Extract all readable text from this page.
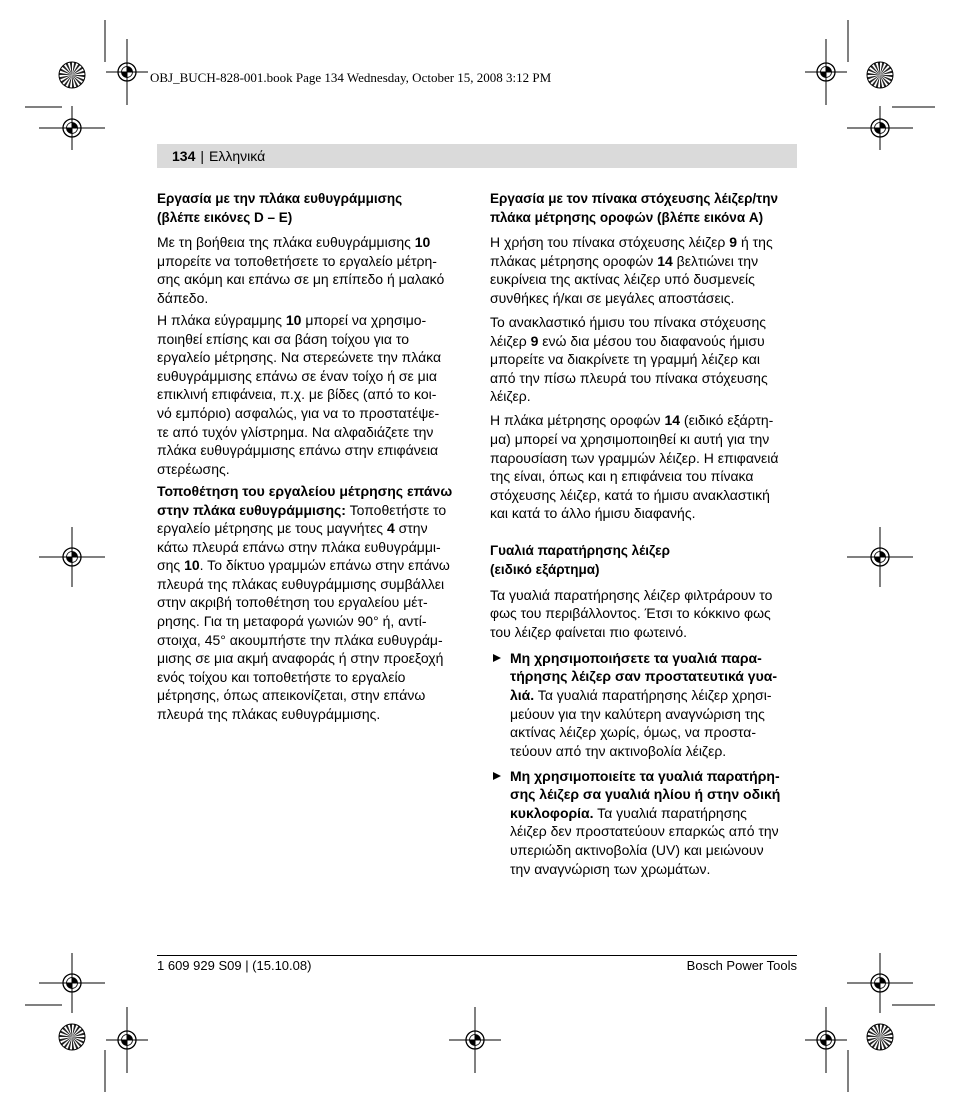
OBJ_BUCH-828-001.book Page 134 Wednesday, October 15, 2008 3:12 PM
134 | Ελληνικά
Εργασία με την πλάκα ευθυγράμμισης
(βλέπε εικόνες D – E)
Με τη βοήθεια της πλάκα ευθυγράμμισης 10
μπορείτε να τοποθετήσετε το εργαλείο μέτρη-
σης ακόμη και επάνω σε μη επίπεδο ή μαλακό
δάπεδο.
Η πλάκα εύγραμμης 10 μπορεί να χρησιμο-
ποιηθεί επίσης και σα βάση τοίχου για το
εργαλείο μέτρησης. Να στερεώνετε την πλάκα
ευθυγράμμισης επάνω σε έναν τοίχο ή σε μια
επικλινή επιφάνεια, π.χ. με βίδες (από το κοι-
νό εμπόριο) ασφαλώς, για να το προστατέψε-
τε από τυχόν γλίστρημα. Να αλφαδιάζετε την
πλάκα ευθυγράμμισης επάνω στην επιφάνεια
στερέωσης.
Τοποθέτηση του εργαλείου μέτρησης επάνω
στην πλάκα ευθυγράμμισης: Τοποθετήστε το
εργαλείο μέτρησης με τους μαγνήτες 4 στην
κάτω πλευρά επάνω στην πλάκα ευθυγράμμι-
σης 10. Το δίκτυο γραμμών επάνω στην επάνω
πλευρά της πλάκας ευθυγράμμισης συμβάλλει
στην ακριβή τοποθέτηση του εργαλείου μέτ-
ρησης. Για τη μεταφορά γωνιών 90° ή, αντί-
στοιχα, 45° ακουμπήστε την πλάκα ευθυγράμ-
μισης σε μια ακμή αναφοράς ή στην προεξοχή
ενός τοίχου και τοποθετήστε το εργαλείο
μέτρησης, όπως απεικονίζεται, στην επάνω
πλευρά της πλάκας ευθυγράμμισης.
Εργασία με τον πίνακα στόχευσης λέιζερ/την
πλάκα μέτρησης οροφών (βλέπε εικόνα A)
Η χρήση του πίνακα στόχευσης λέιζερ 9 ή της
πλάκας μέτρησης οροφών 14 βελτιώνει την
ευκρίνεια της ακτίνας λέιζερ υπό δυσμενείς
συνθήκες ή/και σε μεγάλες αποστάσεις.
Το ανακλαστικό ήμισυ του πίνακα στόχευσης
λέιζερ 9 ενώ δια μέσου του διαφανούς ήμισυ
μπορείτε να διακρίνετε τη γραμμή λέιζερ και
από την πίσω πλευρά του πίνακα στόχευσης
λέιζερ.
Η πλάκα μέτρησης οροφών 14 (ειδικό εξάρτη-
μα) μπορεί να χρησιμοποιηθεί κι αυτή για την
παρουσίαση των γραμμών λέιζερ. Η επιφανειά
της είναι, όπως και η επιφάνεια του πίνακα
στόχευσης λέιζερ, κατά το ήμισυ ανακλαστική
και κατά το άλλο ήμισυ διαφανής.
Γυαλιά παρατήρησης λέιζερ
(ειδικό εξάρτημα)
Τα γυαλιά παρατήρησης λέιζερ φιλτράρουν το
φως του περιβάλλοντος. Έτσι το κόκκινο φως
του λέιζερ φαίνεται πιο φωτεινό.
Μη χρησιμοποιήσετε τα γυαλιά παρα-
τήρησης λέιζερ σαν προστατευτικά γυα-
λιά. Τα γυαλιά παρατήρησης λέιζερ χρησι-
μεύουν για την καλύτερη αναγνώριση της
ακτίνας λέιζερ χωρίς, όμως, να προστα-
τεύουν από την ακτινοβολία λέιζερ.
Μη χρησιμοποιείτε τα γυαλιά παρατήρη-
σης λέιζερ σα γυαλιά ηλίου ή στην οδική
κυκλοφορία. Τα γυαλιά παρατήρησης
λέιζερ δεν προστατεύουν επαρκώς από την
υπεριώδη ακτινοβολία (UV) και μειώνουν
την αναγνώριση των χρωμάτων.
1 609 929 S09 | (15.10.08)	Bosch Power Tools
